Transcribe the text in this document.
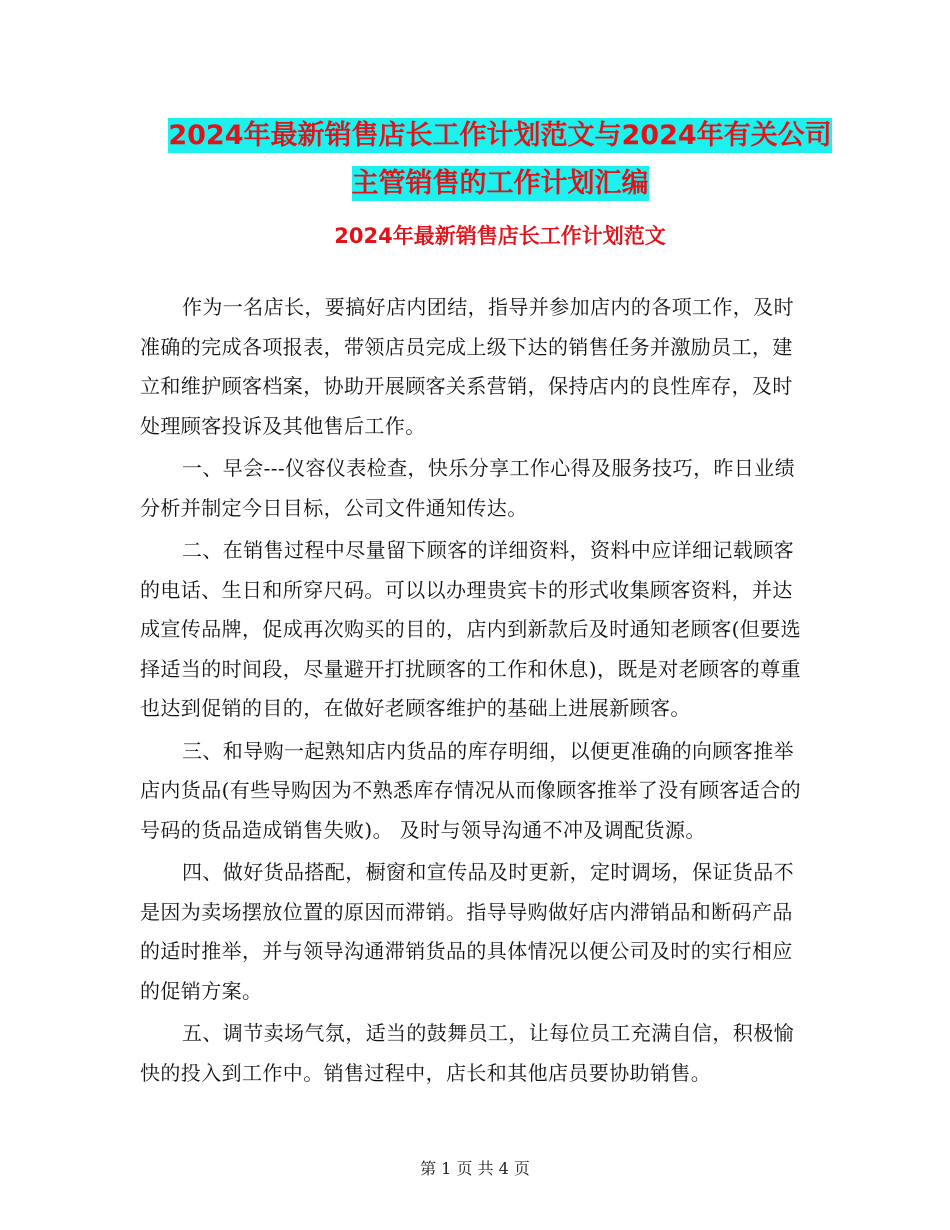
2024年最新销售店长工作计划范文与2024年有关公司
主管销售的工作计划汇编
2024年最新销售店长工作计划范文

作为一名店长，要搞好店内团结，指导并参加店内的各项工作，及时准确的完成各项报表，带领店员完成上级下达的销售任务并激励员工，建立和维护顾客档案，协助开展顾客关系营销，保持店内的良性库存，及时处理顾客投诉及其他售后工作。

一、早会---仪容仪表检查，快乐分享工作心得及服务技巧，昨日业绩分析并制定今日目标，公司文件通知传达。

二、在销售过程中尽量留下顾客的详细资料，资料中应详细记载顾客的电话、生日和所穿尺码。可以以办理贵宾卡的形式收集顾客资料，并达成宣传品牌，促成再次购买的目的，店内到新款后及时通知老顾客(但要选择适当的时间段，尽量避开打扰顾客的工作和休息)，既是对老顾客的尊重也达到促销的目的，在做好老顾客维护的基础上进展新顾客。

三、和导购一起熟知店内货品的库存明细，以便更准确的向顾客推举店内货品(有些导购因为不熟悉库存情况从而像顾客推举了没有顾客适合的号码的货品造成销售失败)。 及时与领导沟通不冲及调配货源。

四、做好货品搭配，橱窗和宣传品及时更新，定时调场，保证货品不是因为卖场摆放位置的原因而滞销。指导导购做好店内滞销品和断码产品的适时推举，并与领导沟通滞销货品的具体情况以便公司及时的实行相应的促销方案。

五、调节卖场气氛，适当的鼓舞员工，让每位员工充满自信，积极愉快的投入到工作中。销售过程中，店长和其他店员要协助销售。

第 1 页 共 4 页
